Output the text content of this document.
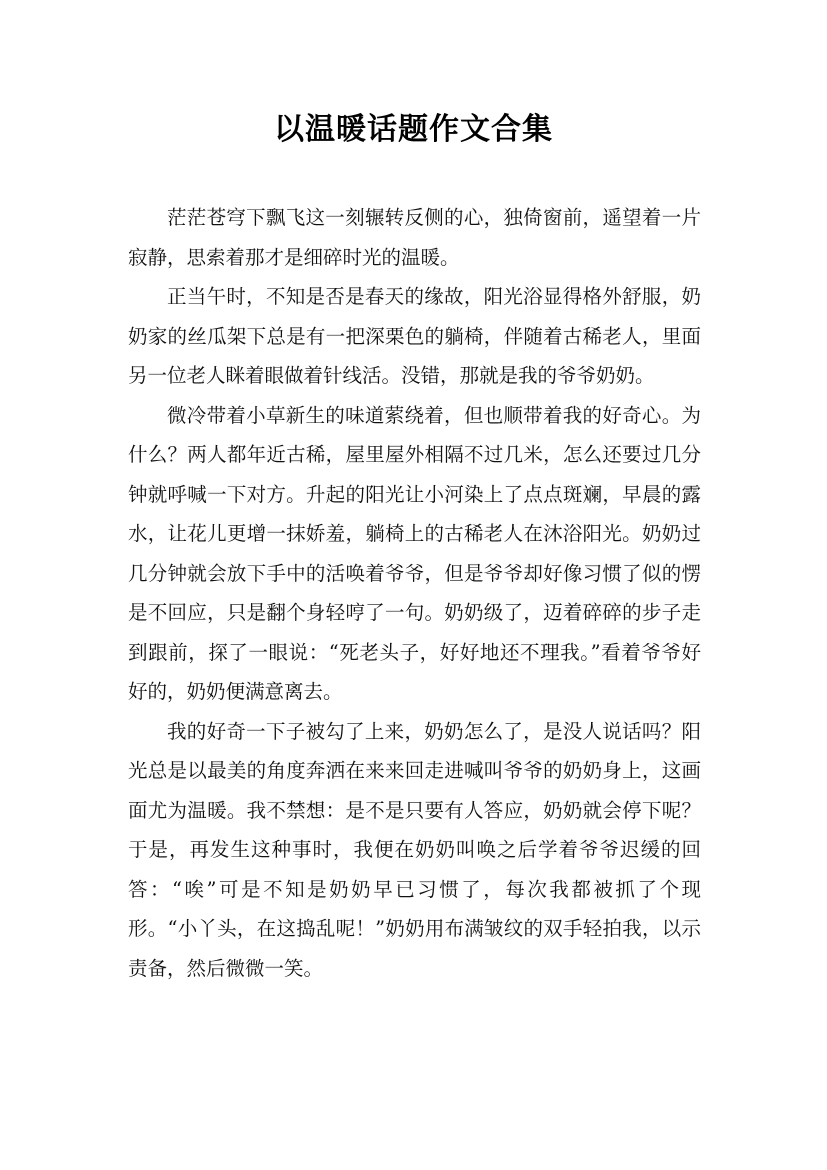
以温暖话题作文合集

茫茫苍穹下飘飞这一刻辗转反侧的心，独倚窗前，遥望着一片寂静，思索着那才是细碎时光的温暖。

正当午时，不知是否是春天的缘故，阳光浴显得格外舒服，奶奶家的丝瓜架下总是有一把深栗色的躺椅，伴随着古稀老人，里面另一位老人眯着眼做着针线活。没错，那就是我的爷爷奶奶。

微冷带着小草新生的味道萦绕着，但也顺带着我的好奇心。为什么？两人都年近古稀，屋里屋外相隔不过几米，怎么还要过几分钟就呼喊一下对方。升起的阳光让小河染上了点点斑斓，早晨的露水，让花儿更增一抹娇羞，躺椅上的古稀老人在沐浴阳光。奶奶过几分钟就会放下手中的活唤着爷爷，但是爷爷却好像习惯了似的愣是不回应，只是翻个身轻哼了一句。奶奶级了，迈着碎碎的步子走到跟前，探了一眼说：“死老头子，好好地还不理我。”看着爷爷好好的，奶奶便满意离去。

我的好奇一下子被勾了上来，奶奶怎么了，是没人说话吗？阳光总是以最美的角度奔洒在来来回走进喊叫爷爷的奶奶身上，这画面尤为温暖。我不禁想：是不是只要有人答应，奶奶就会停下呢？于是，再发生这种事时，我便在奶奶叫唤之后学着爷爷迟缓的回答：“唉”可是不知是奶奶早已习惯了，每次我都被抓了个现形。“小丫头，在这捣乱呢！”奶奶用布满皱纹的双手轻拍我，以示责备，然后微微一笑。
